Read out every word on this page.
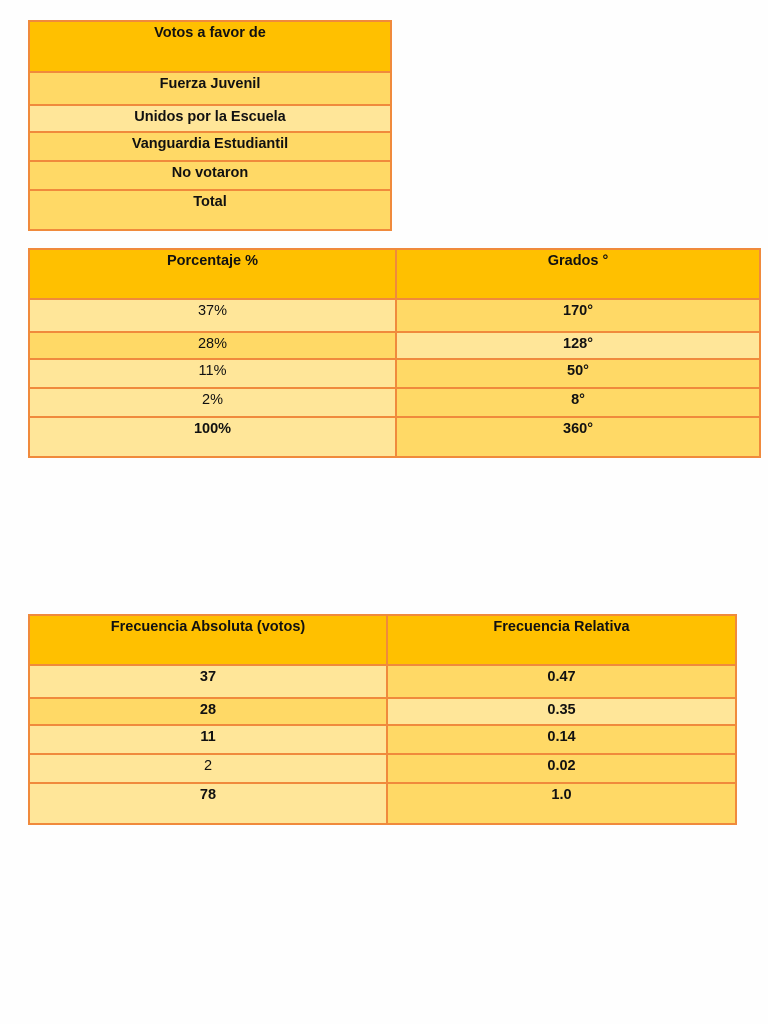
Votos a favor de
Fuerza Juvenil
Unidos por la Escuela
Vanguardia Estudiantil
No votaron
Total
Porcentaje %	Grados °
37%	170°
28%	128°
11%	50°
2%	8°
100%	360°
Frecuencia Absoluta (votos)	Frecuencia Relativa
37	0.47
28	0.35
11	0.14
2	0.02
78	1.0
